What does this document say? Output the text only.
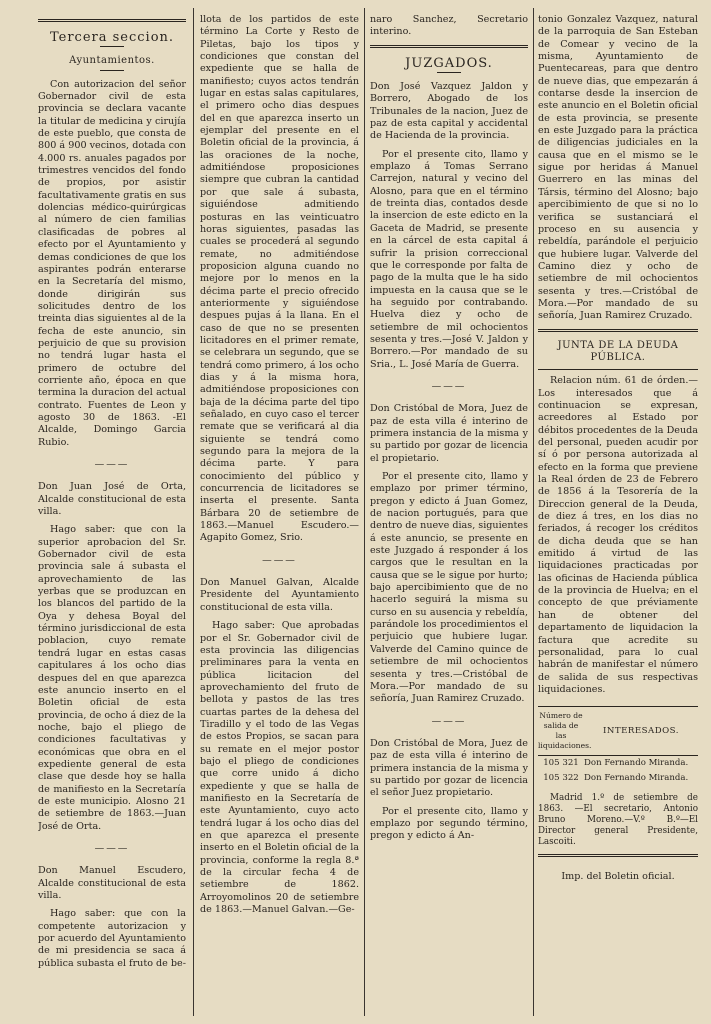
Tercera seccion.
Ayuntamientos.

Con autorizacion del señor Gobernador civil de esta provincia se declara vacante la titular de medicina y cirujía de este pueblo, que consta de 800 á 900 vecinos, dotada con 4.000 rs. anuales pagados por trimestres vencidos del fondo de propios, por asistir facultativamente gratis en sus dolencias médico-quirúrgicas al número de cien familias clasificadas de pobres al efecto por el Ayuntamiento y demas condiciones de que los aspirantes podrán enterarse en la Secretaría del mismo, donde dirigirán sus solicitudes dentro de los treinta dias siguientes al de la fecha de este anuncio, sin perjuicio de que su provision no tendrá lugar hasta el primero de octubre del corriente año, época en que termina la duracion del actual contrato. Fuentes de Leon y agosto 30 de 1863. -El Alcalde, Domingo Garcia Rubio.

———

Don Juan José de Orta, Alcalde constitucional de esta villa.

Hago saber: que con la superior aprobacion del Sr. Gobernador civil de esta provincia sale á subasta el aprovechamiento de las yerbas que se produzcan en los blancos del partido de la Oya y dehesa Boyal del término jurisdiccional de esta poblacion, cuyo remate tendrá lugar en estas casas capitulares á los ocho dias despues del en que aparezca este anuncio inserto en el Boletin oficial de esta provincia, de ocho á diez de la noche, bajo el pliego de condiciones facultativas y económicas que obra en el expediente general de esta clase que desde hoy se halla de manifiesto en la Secretaría de este municipio. Alosno 21 de setiembre de 1863.—Juan José de Orta.

———

Don Manuel Escudero, Alcalde constitucional de esta villa.

Hago saber: que con la competente autorizacion y por acuerdo del Ayuntamiento de mi presidencia se saca á pública subasta el fruto de be-

llota de los partidos de este término La Corte y Resto de Piletas, bajo los tipos y condiciones que constan del expediente que se halla de manifiesto; cuyos actos tendrán lugar en estas salas capitulares, el primero ocho dias despues del en que aparezca inserto un ejemplar del presente en el Boletin oficial de la provincia, á las oraciones de la noche, admitiéndose proposiciones siempre que cubran la cantidad por que sale á subasta, siguiéndose admitiendo posturas en las veinticuatro horas siguientes, pasadas las cuales se procederá al segundo remate, no admitiéndose proposicion alguna cuando no mejore por lo menos en la décima parte el precio ofrecido anteriormente y siguiéndose despues pujas á la llana. En el caso de que no se presenten licitadores en el primer remate, se celebrara un segundo, que se tendrá como primero, á los ocho dias y á la misma hora, admitiéndose proposiciones con baja de la décima parte del tipo señalado, en cuyo caso el tercer remate que se verificará al dia siguiente se tendrá como segundo para la mejora de la décima parte. Y para conocimiento del público y concurrencia de licitadores se inserta el presente. Santa Bárbara 20 de setiembre de 1863.—Manuel Escudero.—Agapito Gomez, Srio.

———

Don Manuel Galvan, Alcalde Presidente del Ayuntamiento constitucional de esta villa.

Hago saber: Que aprobadas por el Sr. Gobernador civil de esta provincia las diligencias preliminares para la venta en pública licitacion del aprovechamiento del fruto de bellota y pastos de las tres cuartas partes de la dehesa del Tiradillo y el todo de las Vegas de estos Propios, se sacan para su remate en el mejor postor bajo el pliego de condiciones que corre unido á dicho expediente y que se halla de manifiesto en la Secretaría de este Ayuntamiento, cuyo acto tendrá lugar á los ocho dias del en que aparezca el presente inserto en el Boletin oficial de la provincia, conforme la regla 8.ª de la circular fecha 4 de setiembre de 1862. Arroyomolinos 20 de setiembre de 1863.—Manuel Galvan.—Ge-

naro Sanchez, Secretario interino.

JUZGADOS.

Don José Vazquez Jaldon y Borrero, Abogado de los Tribunales de la nacion, Juez de paz de esta capital y accidental de Hacienda de la provincia.

Por el presente cito, llamo y emplazo á Tomas Serrano Carrejon, natural y vecino del Alosno, para que en el término de treinta dias, contados desde la insercion de este edicto en la Gaceta de Madrid, se presente en la cárcel de esta capital á sufrir la prision correccional que le corresponde por falta de pago de la multa que le ha sido impuesta en la causa que se le ha seguido por contrabando. Huelva diez y ocho de setiembre de mil ochocientos sesenta y tres.—José V. Jaldon y Borrero.—Por mandado de su Sria., L. José María de Guerra.

———

Don Cristóbal de Mora, Juez de paz de esta villa é interino de primera instancia de la misma y su partido por gozar de licencia el propietario.

Por el presente cito, llamo y emplazo por primer término, pregon y edicto á Juan Gomez, de nacion portugués, para que dentro de nueve dias, siguientes á este anuncio, se presente en este Juzgado á responder á los cargos que le resultan en la causa que se le sigue por hurto; bajo apercibimiento que de no hacerlo seguirá la misma su curso en su ausencia y rebeldía, parándole los procedimientos el perjuicio que hubiere lugar. Valverde del Camino quince de setiembre de mil ochocientos sesenta y tres.—Cristóbal de Mora.—Por mandado de su señoría, Juan Ramirez Cruzado.

———

Don Cristóbal de Mora, Juez de paz de esta villa é interino de primera instancia de la misma y su partido por gozar de licencia el señor Juez propietario.

Por el presente cito, llamo y emplazo por segundo término, pregon y edicto á An-

tonio Gonzalez Vazquez, natural de la parroquia de San Esteban de Comear y vecino de la misma, Ayuntamiento de Puentecareas, para que dentro de nueve dias, que empezarán á contarse desde la insercion de este anuncio en el Boletin oficial de esta provincia, se presente en este Juzgado para la práctica de diligencias judiciales en la causa que en el mismo se le sigue por heridas á Manuel Guerrero en las minas del Társis, término del Alosno; bajo apercibimiento de que si no lo verifica se sustanciará el proceso en su ausencia y rebeldía, parándole el perjuicio que hubiere lugar. Valverde del Camino diez y ocho de setiembre de mil ochocientos sesenta y tres.—Cristóbal de Mora.—Por mandado de su señoría, Juan Ramirez Cruzado.

JUNTA DE LA DEUDA PÚBLICA.

Relacion núm. 61 de órden.—Los interesados que á continuacion se expresan, acreedores al Estado por débitos procedentes de la Deuda del personal, pueden acudir por sí ó por persona autorizada al efecto en la forma que previene la Real órden de 23 de Febrero de 1856 á la Tesorería de la Direccion general de la Deuda, de diez á tres, en los dias no feriados, á recoger los créditos de dicha deuda que se han emitido á virtud de las liquidaciones practicadas por las oficinas de Hacienda pública de la provincia de Huelva; en el concepto de que préviamente han de obtener del departamento de liquidacion la factura que acredite su personalidad, para lo cual habrán de manifestar el número de salida de sus respectivas liquidaciones.

Número de salida de las liquidaciones.
INTERESADOS.
105 321 Don Fernando Miranda.
105 322 Don Fernando Miranda.

Madrid 1.º de setiembre de 1863. —El secretario, Antonio Bruno Moreno.—V.º B.º—El Director general Presidente, Lascoiti.

Imp. del Boletin oficial.
